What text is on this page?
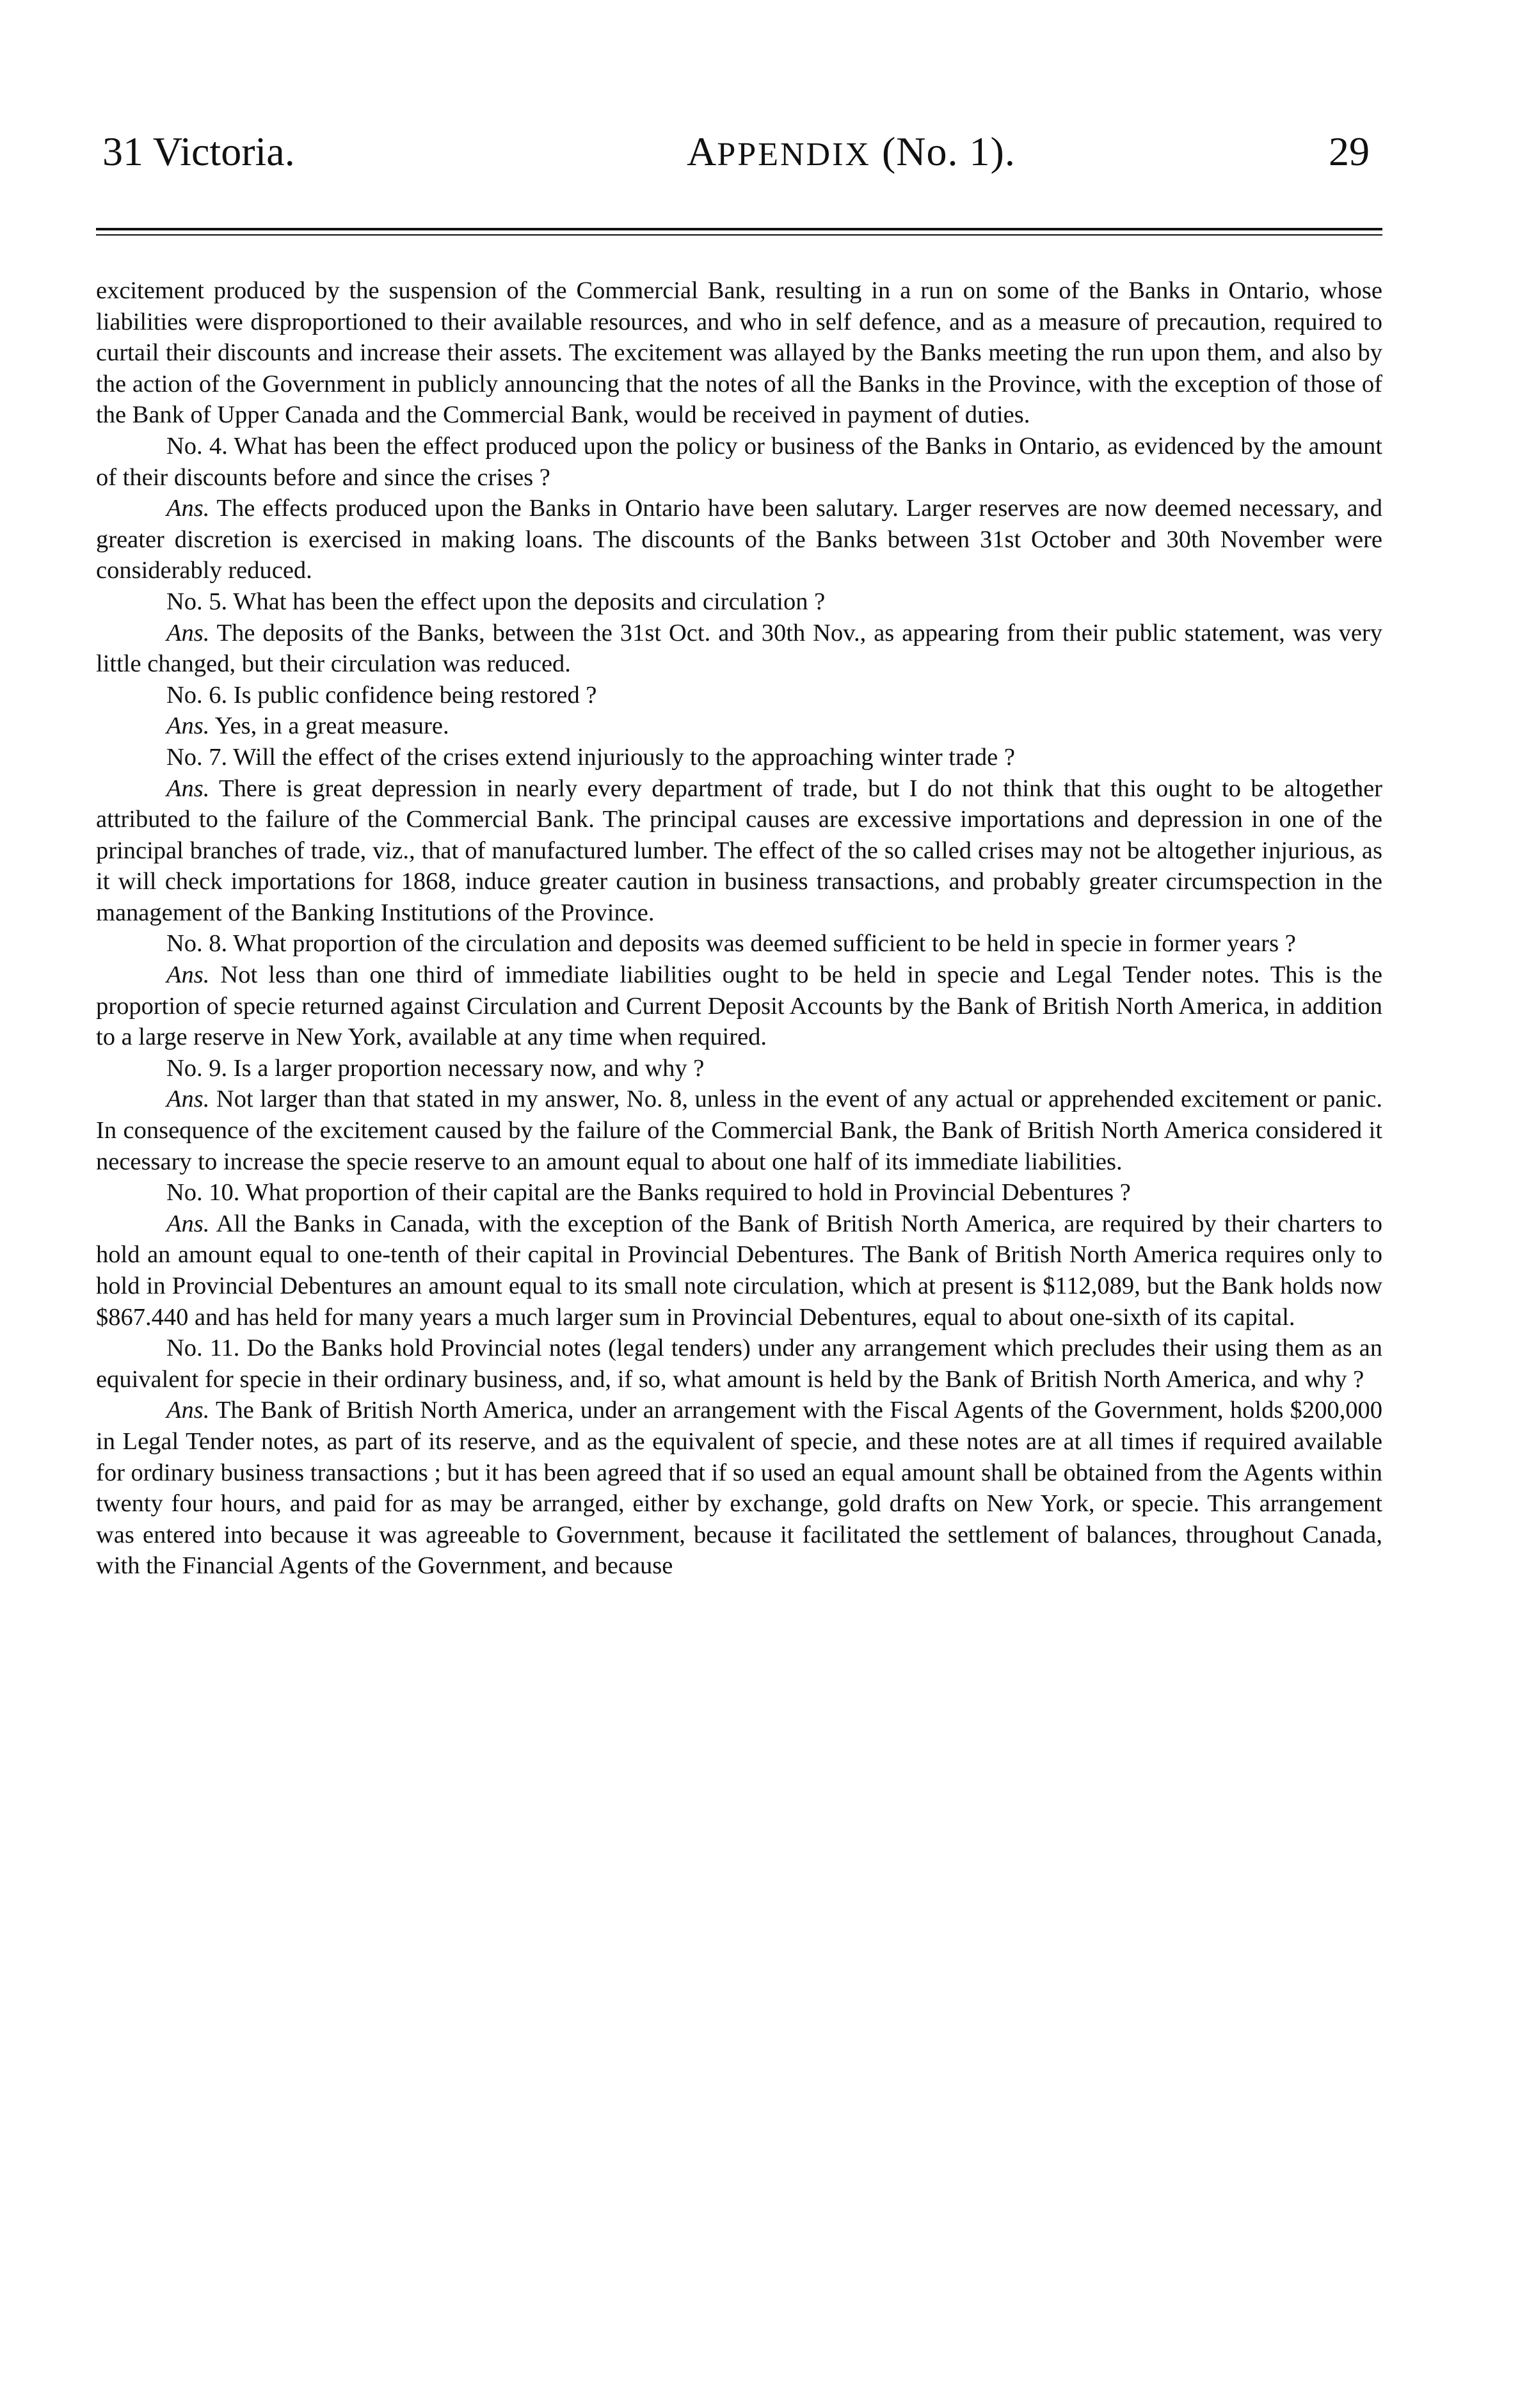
31 Victoria.	APPENDIX (No. 1).	29

excitement produced by the suspension of the Commercial Bank, resulting in a run on some of the Banks in Ontario, whose liabilities were disproportioned to their available resources, and who in self defence, and as a measure of precaution, required to curtail their discounts and increase their assets. The excitement was allayed by the Banks meeting the run upon them, and also by the action of the Government in publicly announcing that the notes of all the Banks in the Province, with the exception of those of the Bank of Upper Canada and the Commercial Bank, would be received in payment of duties.

No. 4. What has been the effect produced upon the policy or business of the Banks in Ontario, as evidenced by the amount of their discounts before and since the crises ?

Ans. The effects produced upon the Banks in Ontario have been salutary. Larger reserves are now deemed necessary, and greater discretion is exercised in making loans. The discounts of the Banks between 31st October and 30th November were considerably reduced.

No. 5. What has been the effect upon the deposits and circulation ?

Ans. The deposits of the Banks, between the 31st Oct. and 30th Nov., as appearing from their public statement, was very little changed, but their circulation was reduced.

No. 6. Is public confidence being restored ?

Ans. Yes, in a great measure.

No. 7. Will the effect of the crises extend injuriously to the approaching winter trade ?

Ans. There is great depression in nearly every department of trade, but I do not think that this ought to be altogether attributed to the failure of the Commercial Bank. The principal causes are excessive importations and depression in one of the principal branches of trade, viz., that of manufactured lumber. The effect of the so called crises may not be altogether injurious, as it will check importations for 1868, induce greater caution in business transactions, and probably greater circumspection in the management of the Banking Institutions of the Province.

No. 8. What proportion of the circulation and deposits was deemed sufficient to be held in specie in former years ?

Ans. Not less than one third of immediate liabilities ought to be held in specie and Legal Tender notes. This is the proportion of specie returned against Circulation and Current Deposit Accounts by the Bank of British North America, in addition to a large reserve in New York, available at any time when required.

No. 9. Is a larger proportion necessary now, and why ?

Ans. Not larger than that stated in my answer, No. 8, unless in the event of any actual or apprehended excitement or panic. In consequence of the excitement caused by the failure of the Commercial Bank, the Bank of British North America considered it necessary to increase the specie reserve to an amount equal to about one half of its immediate liabilities.

No. 10. What proportion of their capital are the Banks required to hold in Provincial Debentures ?

Ans. All the Banks in Canada, with the exception of the Bank of British North America, are required by their charters to hold an amount equal to one-tenth of their capital in Provincial Debentures. The Bank of British North America requires only to hold in Provincial Debentures an amount equal to its small note circulation, which at present is $112,089, but the Bank holds now $867.440 and has held for many years a much larger sum in Provincial Debentures, equal to about one-sixth of its capital.

No. 11. Do the Banks hold Provincial notes (legal tenders) under any arrangement which precludes their using them as an equivalent for specie in their ordinary business, and, if so, what amount is held by the Bank of British North America, and why ?

Ans. The Bank of British North America, under an arrangement with the Fiscal Agents of the Government, holds $200,000 in Legal Tender notes, as part of its reserve, and as the equivalent of specie, and these notes are at all times if required available for ordinary business transactions ; but it has been agreed that if so used an equal amount shall be obtained from the Agents within twenty four hours, and paid for as may be arranged, either by exchange, gold drafts on New York, or specie. This arrangement was entered into because it was agreeable to Government, because it facilitated the settlement of balances, throughout Canada, with the Financial Agents of the Government, and because
